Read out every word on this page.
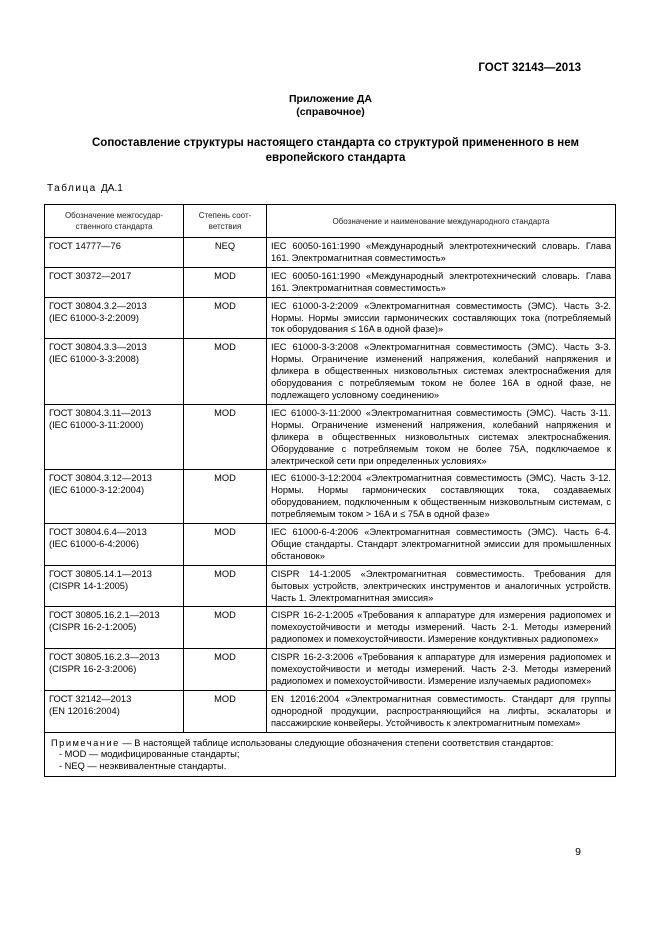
ГОСТ 32143—2013
Приложение ДА
(справочное)
Сопоставление структуры настоящего стандарта со структурой примененного в нем
европейского стандарта
Таблица ДА.1
Обозначение межгосудар-ственного стандарта	Степень соот-ветствия	Обозначение и наименование международного стандарта

ГОСТ 14777—76	NEQ	IEC 60050-161:1990 «Международный электротехнический словарь. Глава 161. Электромагнитная совместимость»

ГОСТ 30372—2017	MOD	IEC 60050-161:1990 «Международный электротехнический словарь. Глава 161. Электромагнитная совместимость»

ГОСТ 30804.3.2—2013
(IEC 61000-3-2:2009)	MOD	IEC 61000-3-2:2009 «Электромагнитная совместимость (ЭМС). Часть 3-2. Нормы. Нормы эмиссии гармонических составляющих тока (потребляемый ток оборудования ≤ 16A в одной фазе)»

ГОСТ 30804.3.3—2013
(IEC 61000-3-3:2008)	MOD	IEC 61000-3-3:2008 «Электромагнитная совместимость (ЭМС). Часть 3-3. Нормы. Ограничение изменений напряжения, колебаний напряжения и фликера в общественных низковольтных системах электроснабжения для оборудования с потребляемым током не более 16А в одной фазе, не подлежащего условному соединению»

ГОСТ 30804.3.11—2013
(IEC 61000-3-11:2000)	MOD	IEC 61000-3-11:2000 «Электромагнитная совместимость (ЭМС). Часть 3-11. Нормы. Ограничение изменений напряжения, колебаний напряжения и фликера в общественных низковольтных системах электроснабжения. Оборудование с потребляемым током не более 75А, подключаемое к электрической сети при определенных условиях»

ГОСТ 30804.3.12—2013
(IEC 61000-3-12:2004)	MOD	IEC 61000-3-12:2004 «Электромагнитная совместимость (ЭМС). Часть 3-12. Нормы. Нормы гармонических составляющих тока, создаваемых оборудованием, подключенным к общественным низковольтным системам, с потребляемым током > 16A и ≤ 75A в одной фазе»

ГОСТ 30804.6.4—2013
(IEC 61000-6-4:2006)	MOD	IEC 61000-6-4:2006 «Электромагнитная совместимость (ЭМС). Часть 6-4. Общие стандарты. Стандарт электромагнитной эмиссии для промышленных обстановок»

ГОСТ 30805.14.1—2013
(CISPR 14-1:2005)	MOD	CISPR 14-1:2005 «Электромагнитная совместимость. Требования для бытовых устройств, электрических инструментов и аналогичных устройств. Часть 1. Электромагнитная эмиссия»

ГОСТ 30805.16.2.1—2013
(CISPR 16-2-1:2005)	MOD	CISPR 16-2-1:2005 «Требования к аппаратуре для измерения радиопомех и помехоустойчивости и методы измерений. Часть 2-1. Методы измерений радиопомех и помехоустойчивости. Измерение кондуктивных радиопомех»

ГОСТ 30805.16.2.3—2013
(CISPR 16-2-3:2006)	MOD	CISPR 16-2-3:2006 «Требования к аппаратуре для измерения радиопомех и помехоустойчивости и методы измерений. Часть 2-3. Методы измерений радиопомех и помехоустойчивости. Измерение излучаемых радиопомех»

ГОСТ 32142—2013
(EN 12016:2004)	MOD	EN 12016:2004 «Электромагнитная совместимость. Стандарт для группы однородной продукции, распространяющийся на лифты, эскалаторы и пассажирские конвейеры. Устойчивость к электромагнитным помехам»

Примечание — В настоящей таблице использованы следующие обозначения степени соответствия стандартов:
- MOD — модифицированные стандарты;
- NEQ — неэквивалентные стандарты.		
9
